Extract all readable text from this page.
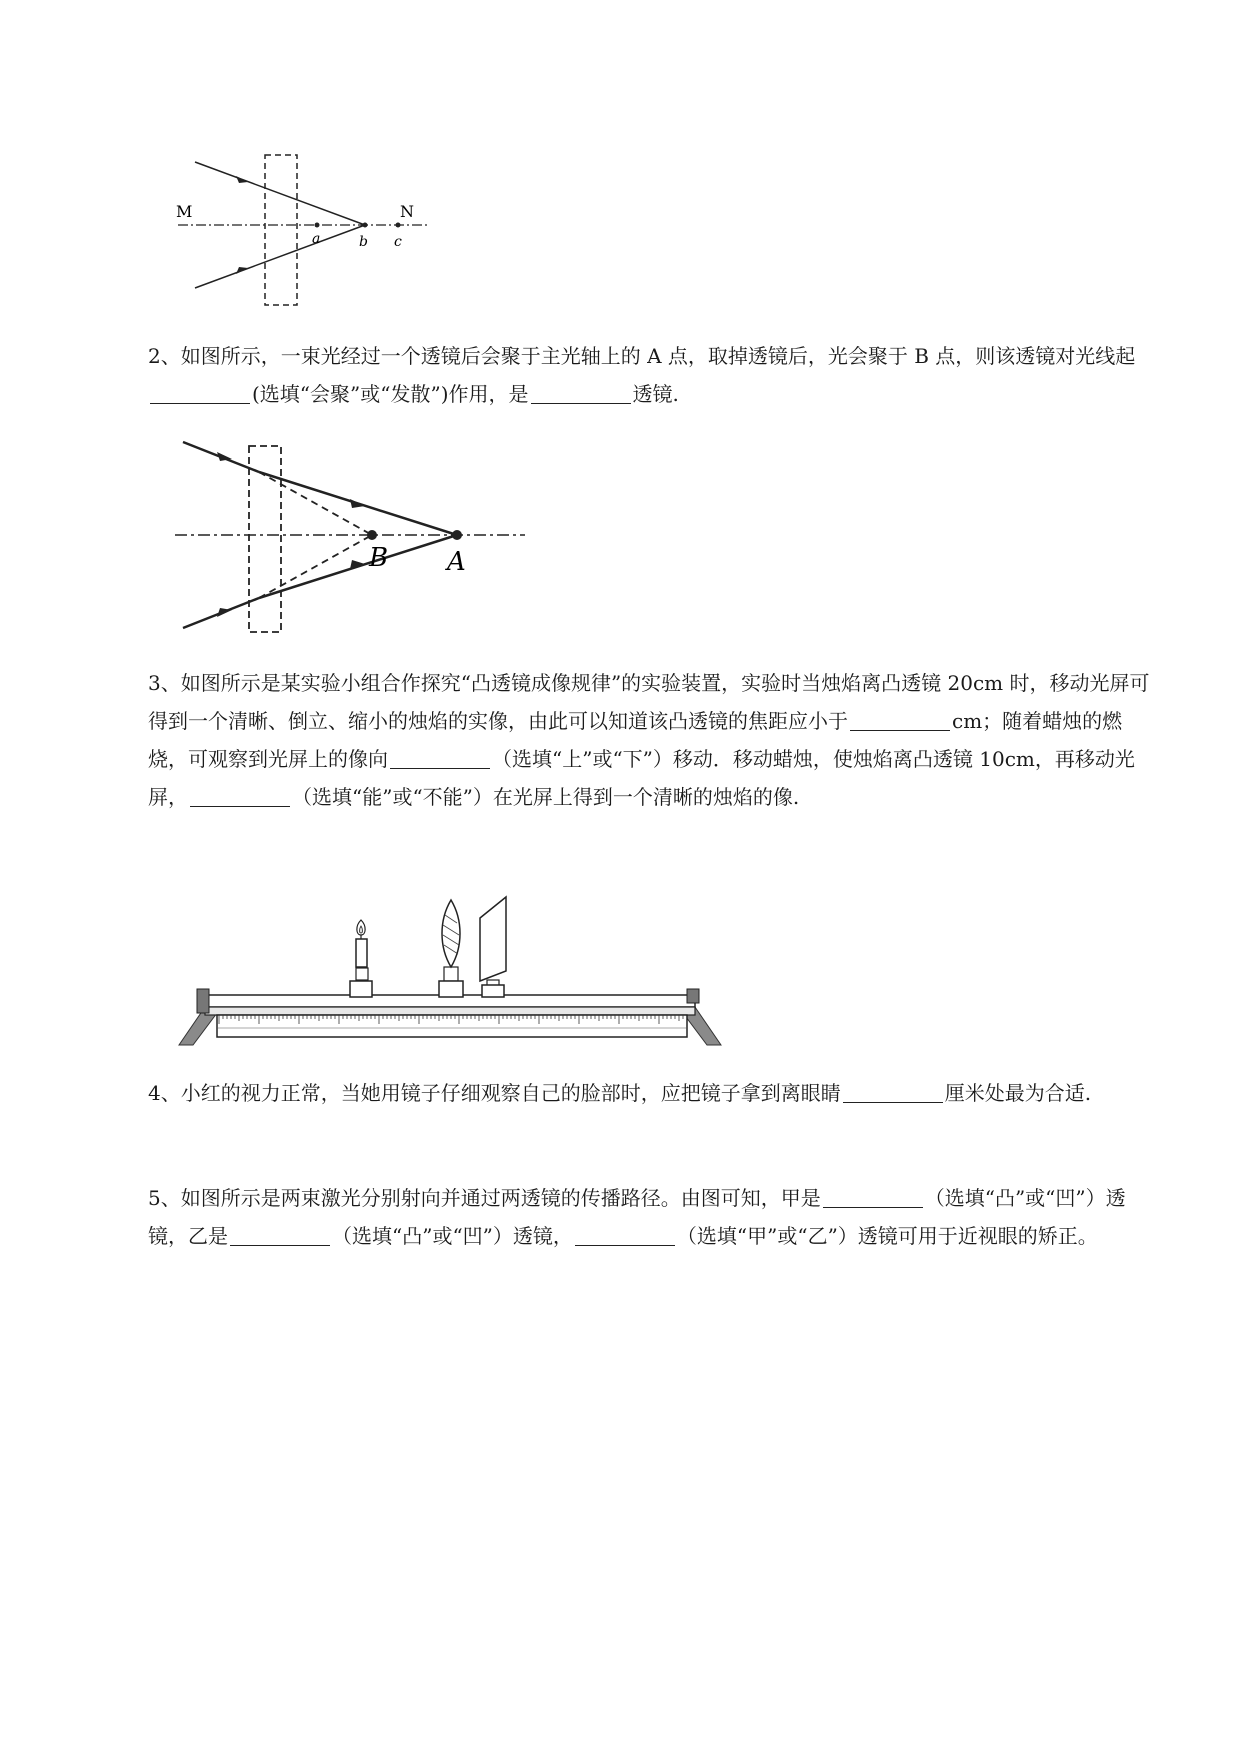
M	N
a	b c

2、如图所示，一束光经过一个透镜后会聚于主光轴上的 A 点，取掉透镜后，光会聚于 B 点，则该透镜对光线起(选填“会聚”或“发散”)作用，是	透镜.

B A

3、如图所示是某实验小组合作探究“凸透镜成像规律”的实验装置，实验时当烛焰离凸透镜 20cm 时，移动光屏可得到一个清晰、倒立、缩小的烛焰的实像，由此可以知道该凸透镜的焦距应小于	cm；随着蜡烛的燃烧，可观察到光屏上的像向	（选填“上”或“下”）移动．移动蜡烛，使烛焰离凸透镜 10cm，再移动光屏，	（选填“能”或“不能”）在光屏上得到一个清晰的烛焰的像.

4、小红的视力正常，当她用镜子仔细观察自己的脸部时，应把镜子拿到离眼睛	厘米处最为合适.

5、如图所示是两束激光分别射向并通过两透镜的传播路径。由图可知，甲是	（选填“凸”或“凹”）透镜，乙是	（选填“凸”或“凹”）透镜，	（选填“甲”或“乙”）透镜可用于近视眼的矫正。
